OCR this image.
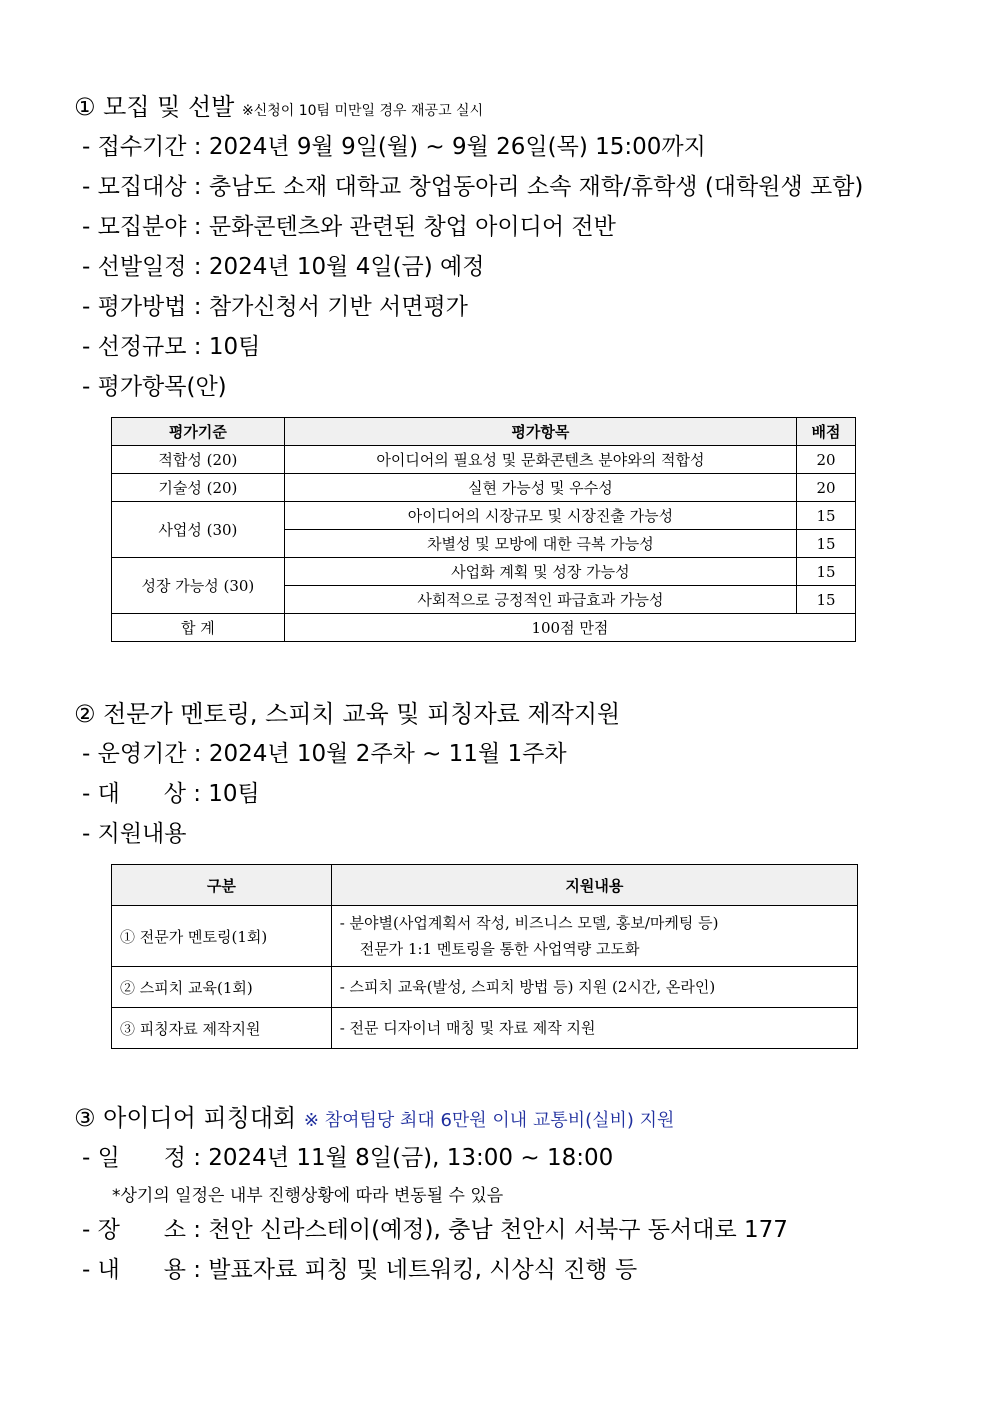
① 모집 및 선발 ※신청이 10팀 미만일 경우 재공고 실시
- 접수기간 : 2024년 9월 9일(월) ~ 9월 26일(목) 15:00까지
- 모집대상 : 충남도 소재 대학교 창업동아리 소속 재학/휴학생 (대학원생 포함)
- 모집분야 : 문화콘텐츠와 관련된 창업 아이디어 전반
- 선발일정 : 2024년 10월 4일(금) 예정
- 평가방법 : 참가신청서 기반 서면평가
- 선정규모 : 10팀
- 평가항목(안)
평가기준	평가항목	배점
적합성 (20)	아이디어의 필요성 및 문화콘텐츠 분야와의 적합성	20
기술성 (20)	실현 가능성 및 우수성	20
사업성 (30)	아이디어의 시장규모 및 시장진출 가능성	15
	차별성 및 모방에 대한 극복 가능성	15
성장 가능성 (30)	사업화 계획 및 성장 가능성	15
	사회적으로 긍정적인 파급효과 가능성	15
합 계	100점 만점	
② 전문가 멘토링, 스피치 교육 및 피칭자료 제작지원
- 운영기간 : 2024년 10월 2주차 ~ 11월 1주차
- 대      상 : 10팀
- 지원내용
구분	지원내용
① 전문가 멘토링(1회)	- 분야별(사업계획서 작성, 비즈니스 모델, 홍보/마케팅 등)
전문가 1:1 멘토링을 통한 사업역량 고도화

② 스피치 교육(1회)	- 스피치 교육(발성, 스피치 방법 등) 지원 (2시간, 온라인)
③ 피칭자료 제작지원	- 전문 디자이너 매칭 및 자료 제작 지원
③ 아이디어 피칭대회 ※ 참여팀당 최대 6만원 이내 교통비(실비) 지원
- 일      정 : 2024년 11월 8일(금), 13:00 ~ 18:00
*상기의 일정은 내부 진행상황에 따라 변동될 수 있음
- 장      소 : 천안 신라스테이(예정), 충남 천안시 서북구 동서대로 177
- 내      용 : 발표자료 피칭 및 네트워킹, 시상식 진행 등
